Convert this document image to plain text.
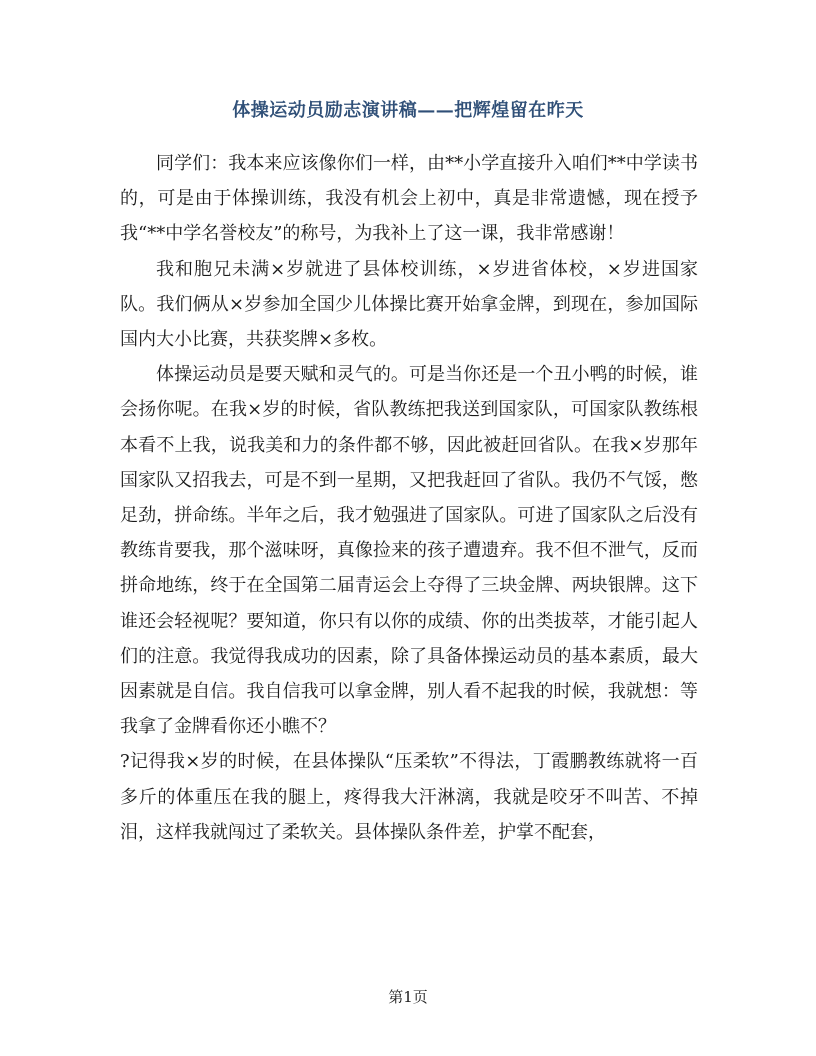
体操运动员励志演讲稿——把辉煌留在昨天

同学们：我本来应该像你们一样，由**小学直接升入咱们**中学读书的，可是由于体操训练，我没有机会上初中，真是非常遗憾，现在授予我“**中学名誉校友”的称号，为我补上了这一课，我非常感谢！

我和胞兄未满×岁就进了县体校训练，×岁进省体校，×岁进国家队。我们俩从×岁参加全国少儿体操比赛开始拿金牌，到现在，参加国际国内大小比赛，共获奖牌×多枚。

体操运动员是要天赋和灵气的。可是当你还是一个丑小鸭的时候，谁会扬你呢。在我×岁的时候，省队教练把我送到国家队，可国家队教练根本看不上我，说我美和力的条件都不够，因此被赶回省队。在我×岁那年国家队又招我去，可是不到一星期，又把我赶回了省队。我仍不气馁，憋足劲，拼命练。半年之后，我才勉强进了国家队。可进了国家队之后没有教练肯要我，那个滋味呀，真像捡来的孩子遭遗弃。我不但不泄气，反而拼命地练，终于在全国第二届青运会上夺得了三块金牌、两块银牌。这下谁还会轻视呢？要知道，你只有以你的成绩、你的出类拔萃，才能引起人们的注意。我觉得我成功的因素，除了具备体操运动员的基本素质，最大因素就是自信。我自信我可以拿金牌，别人看不起我的时候，我就想：等我拿了金牌看你还小瞧不？

?记得我×岁的时候，在县体操队“压柔软”不得法，丁霞鹏教练就将一百多斤的体重压在我的腿上，疼得我大汗淋漓，我就是咬牙不叫苦、不掉泪，这样我就闯过了柔软关。县体操队条件差，护掌不配套，

第1页
